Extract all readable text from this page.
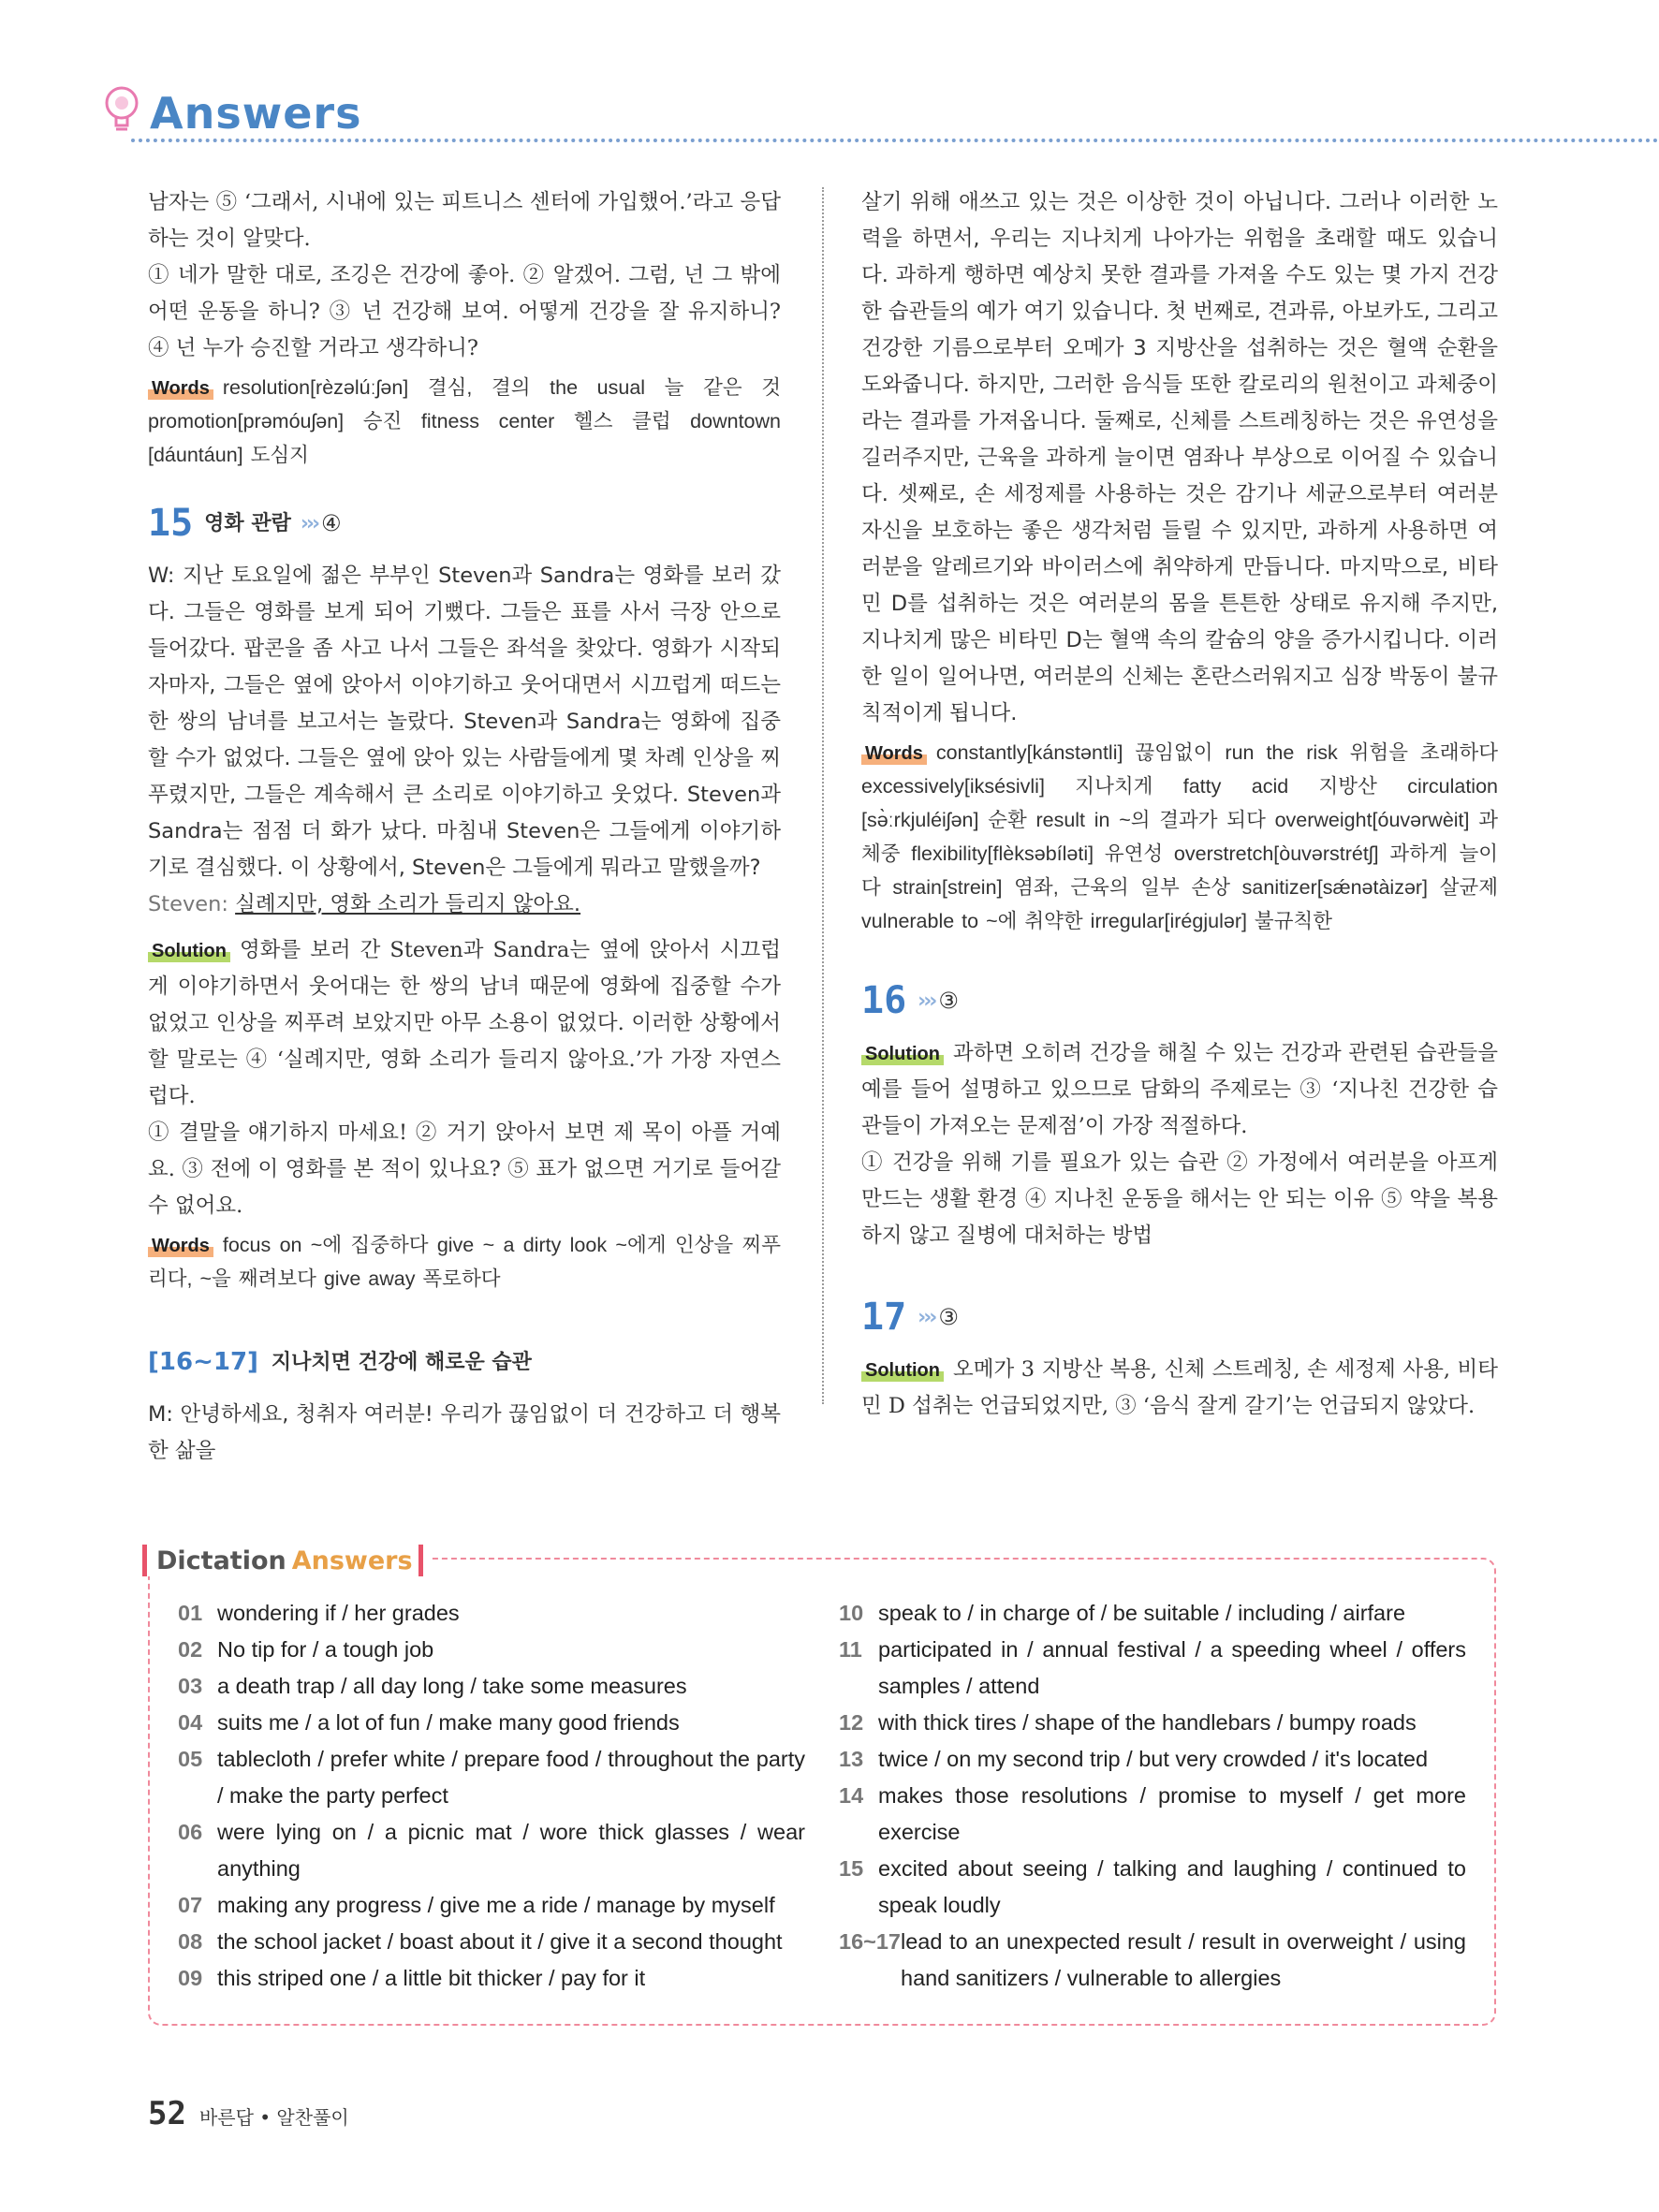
Answers

남자는 ⑤ ‘그래서, 시내에 있는 피트니스 센터에 가입했어.’라고 응답하는 것이 알맞다.

① 네가 말한 대로, 조깅은 건강에 좋아. ② 알겠어. 그럼, 넌 그 밖에 어떤 운동을 하니? ③ 넌 건강해 보여. 어떻게 건강을 잘 유지하니? ④ 넌 누가 승진할 거라고 생각하니?

Words resolution[rèzəlúːʃən] 결심, 결의 the usual 늘 같은 것 promotion[prəmóuʃən] 승진 fitness center 헬스 클럽 downtown [dáuntáun] 도심지

15 영화 관람 ››› ④

W: 지난 토요일에 젊은 부부인 Steven과 Sandra는 영화를 보러 갔다. 그들은 영화를 보게 되어 기뻤다. 그들은 표를 사서 극장 안으로 들어갔다. 팝콘을 좀 사고 나서 그들은 좌석을 찾았다. 영화가 시작되자마자, 그들은 옆에 앉아서 이야기하고 웃어대면서 시끄럽게 떠드는 한 쌍의 남녀를 보고서는 놀랐다. Steven과 Sandra는 영화에 집중할 수가 없었다. 그들은 옆에 앉아 있는 사람들에게 몇 차례 인상을 찌푸렸지만, 그들은 계속해서 큰 소리로 이야기하고 웃었다. Steven과 Sandra는 점점 더 화가 났다. 마침내 Steven은 그들에게 이야기하기로 결심했다. 이 상황에서, Steven은 그들에게 뭐라고 말했을까?

Steven: 실례지만, 영화 소리가 들리지 않아요.

Solution 영화를 보러 간 Steven과 Sandra는 옆에 앉아서 시끄럽게 이야기하면서 웃어대는 한 쌍의 남녀 때문에 영화에 집중할 수가 없었고 인상을 찌푸려 보았지만 아무 소용이 없었다. 이러한 상황에서 할 말로는 ④ ‘실례지만, 영화 소리가 들리지 않아요.’가 가장 자연스럽다.

① 결말을 얘기하지 마세요! ② 거기 앉아서 보면 제 목이 아플 거예요. ③ 전에 이 영화를 본 적이 있나요? ⑤ 표가 없으면 거기로 들어갈 수 없어요.

Words focus on ~에 집중하다 give ~ a dirty look ~에게 인상을 찌푸리다, ~을 째려보다 give away 폭로하다

[16~17] 지나치면 건강에 해로운 습관

M: 안녕하세요, 청취자 여러분! 우리가 끊임없이 더 건강하고 더 행복한 삶을

살기 위해 애쓰고 있는 것은 이상한 것이 아닙니다. 그러나 이러한 노력을 하면서, 우리는 지나치게 나아가는 위험을 초래할 때도 있습니다. 과하게 행하면 예상치 못한 결과를 가져올 수도 있는 몇 가지 건강한 습관들의 예가 여기 있습니다. 첫 번째로, 견과류, 아보카도, 그리고 건강한 기름으로부터 오메가 3 지방산을 섭취하는 것은 혈액 순환을 도와줍니다. 하지만, 그러한 음식들 또한 칼로리의 원천이고 과체중이라는 결과를 가져옵니다. 둘째로, 신체를 스트레칭하는 것은 유연성을 길러주지만, 근육을 과하게 늘이면 염좌나 부상으로 이어질 수 있습니다. 셋째로, 손 세정제를 사용하는 것은 감기나 세균으로부터 여러분 자신을 보호하는 좋은 생각처럼 들릴 수 있지만, 과하게 사용하면 여러분을 알레르기와 바이러스에 취약하게 만듭니다. 마지막으로, 비타민 D를 섭취하는 것은 여러분의 몸을 튼튼한 상태로 유지해 주지만, 지나치게 많은 비타민 D는 혈액 속의 칼슘의 양을 증가시킵니다. 이러한 일이 일어나면, 여러분의 신체는 혼란스러워지고 심장 박동이 불규칙적이게 됩니다.

Words constantly[kánstəntli] 끊임없이 run the risk 위험을 초래하다 excessively[iksésivli] 지나치게 fatty acid 지방산 circulation [sə̀ːrkjuléiʃən] 순환 result in ~의 결과가 되다 overweight[óuvərwèit] 과체중 flexibility[flèksəbíləti] 유연성 overstretch[òuvərstrétʃ] 과하게 늘이다 strain[strein] 염좌, 근육의 일부 손상 sanitizer[sǽnətàizər] 살균제 vulnerable to ~에 취약한 irregular[irégjulər] 불규칙한

16 ››› ③

Solution 과하면 오히려 건강을 해칠 수 있는 건강과 관련된 습관들을 예를 들어 설명하고 있으므로 담화의 주제로는 ③ ‘지나친 건강한 습관들이 가져오는 문제점’이 가장 적절하다.

① 건강을 위해 기를 필요가 있는 습관 ② 가정에서 여러분을 아프게 만드는 생활 환경 ④ 지나친 운동을 해서는 안 되는 이유 ⑤ 약을 복용하지 않고 질병에 대처하는 방법

17 ››› ③

Solution 오메가 3 지방산 복용, 신체 스트레칭, 손 세정제 사용, 비타민 D 섭취는 언급되었지만, ③ ‘음식 잘게 갈기’는 언급되지 않았다.

Dictation Answers
01 wondering if / her grades
02 No tip for / a tough job
03 a death trap / all day long / take some measures
04 suits me / a lot of fun / make many good friends
05 tablecloth / prefer white / prepare food / throughout the party / make the party perfect
06 were lying on / a picnic mat / wore thick glasses / wear anything
07 making any progress / give me a ride / manage by myself
08 the school jacket / boast about it / give it a second thought
09 this striped one / a little bit thicker / pay for it
10 speak to / in charge of / be suitable / including / airfare
11 participated in / annual festival / a speeding wheel / offers samples / attend
12 with thick tires / shape of the handlebars / bumpy roads
13 twice / on my second trip / but very crowded / it's located
14 makes those resolutions / promise to myself / get more exercise
15 excited about seeing / talking and laughing / continued to speak loudly
16~17 lead to an unexpected result / result in overweight / using hand sanitizers / vulnerable to allergies
52 바른답 • 알찬풀이
